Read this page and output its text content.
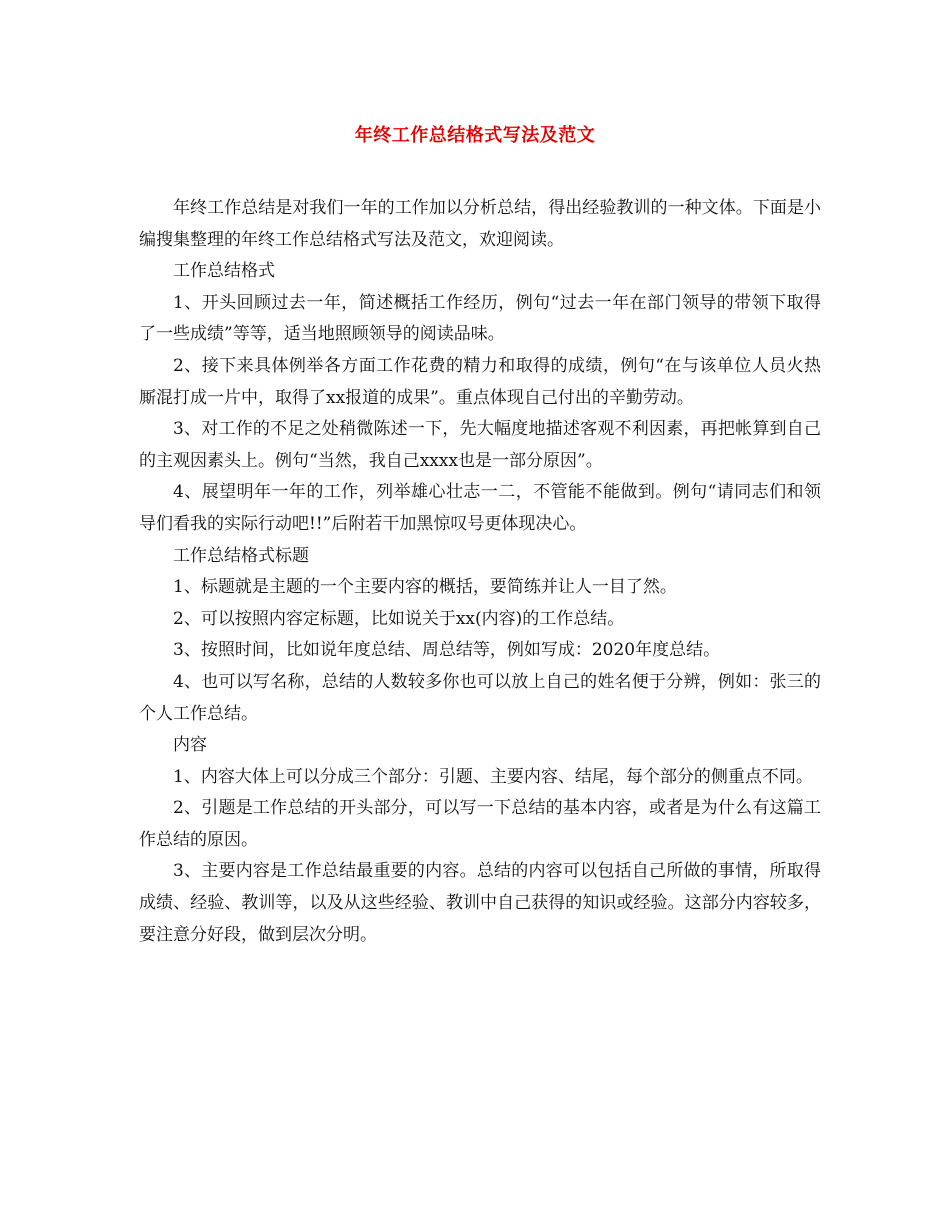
年终工作总结格式写法及范文

年终工作总结是对我们一年的工作加以分析总结，得出经验教训的一种文体。下面是小编搜集整理的年终工作总结格式写法及范文，欢迎阅读。

工作总结格式

1、开头回顾过去一年，简述概括工作经历，例句“过去一年在部门领导的带领下取得了一些成绩”等等，适当地照顾领导的阅读品味。

2、接下来具体例举各方面工作花费的精力和取得的成绩，例句“在与该单位人员火热厮混打成一片中，取得了xx报道的成果”。重点体现自己付出的辛勤劳动。

3、对工作的不足之处稍微陈述一下，先大幅度地描述客观不利因素，再把帐算到自己的主观因素头上。例句“当然，我自己xxxx也是一部分原因”。

4、展望明年一年的工作，列举雄心壮志一二，不管能不能做到。例句“请同志们和领导们看我的实际行动吧!!”后附若干加黑惊叹号更体现决心。

工作总结格式标题

1、标题就是主题的一个主要内容的概括，要简练并让人一目了然。

2、可以按照内容定标题，比如说关于xx(内容)的工作总结。

3、按照时间，比如说年度总结、周总结等，例如写成：2020年度总结。

4、也可以写名称，总结的人数较多你也可以放上自己的姓名便于分辨，例如：张三的个人工作总结。

内容

1、内容大体上可以分成三个部分：引题、主要内容、结尾，每个部分的侧重点不同。

2、引题是工作总结的开头部分，可以写一下总结的基本内容，或者是为什么有这篇工作总结的原因。

3、主要内容是工作总结最重要的内容。总结的内容可以包括自己所做的事情，所取得成绩、经验、教训等，以及从这些经验、教训中自己获得的知识或经验。这部分内容较多，要注意分好段，做到层次分明。
